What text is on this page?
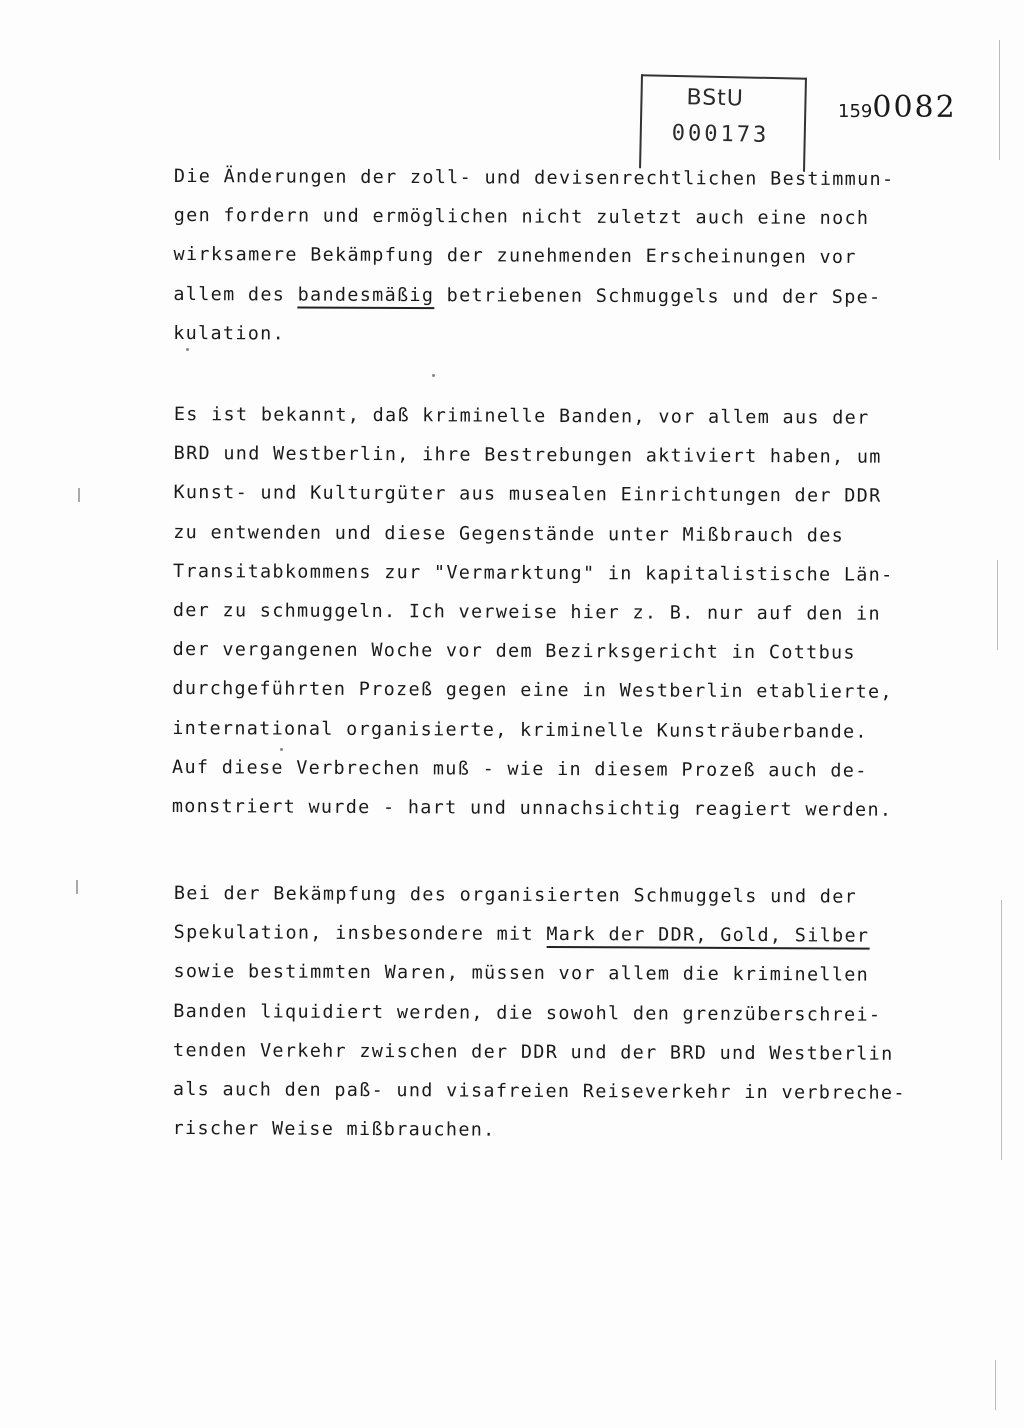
BStU
000173
1590082
Die Änderungen der zoll- und devisenrechtlichen Bestimmun-
gen fordern und ermöglichen nicht zuletzt auch eine noch
wirksamere Bekämpfung der zunehmenden Erscheinungen vor
allem des bandesmäßig betriebenen Schmuggels und der Spe-
kulation.
Es ist bekannt, daß kriminelle Banden, vor allem aus der
BRD und Westberlin, ihre Bestrebungen aktiviert haben, um
Kunst- und Kulturgüter aus musealen Einrichtungen der DDR
zu entwenden und diese Gegenstände unter Mißbrauch des
Transitabkommens zur "Vermarktung" in kapitalistische Län-
der zu schmuggeln. Ich verweise hier z. B. nur auf den in
der vergangenen Woche vor dem Bezirksgericht in Cottbus
durchgeführten Prozeß gegen eine in Westberlin etablierte,
international organisierte, kriminelle Kunsträuberbande.
Auf diese Verbrechen muß - wie in diesem Prozeß auch de-
monstriert wurde - hart und unnachsichtig reagiert werden.
Bei der Bekämpfung des organisierten Schmuggels und der
Spekulation, insbesondere mit Mark der DDR, Gold, Silber
sowie bestimmten Waren, müssen vor allem die kriminellen
Banden liquidiert werden, die sowohl den grenzüberschrei-
tenden Verkehr zwischen der DDR und der BRD und Westberlin
als auch den paß- und visafreien Reiseverkehr in verbreche-
rischer Weise mißbrauchen.
